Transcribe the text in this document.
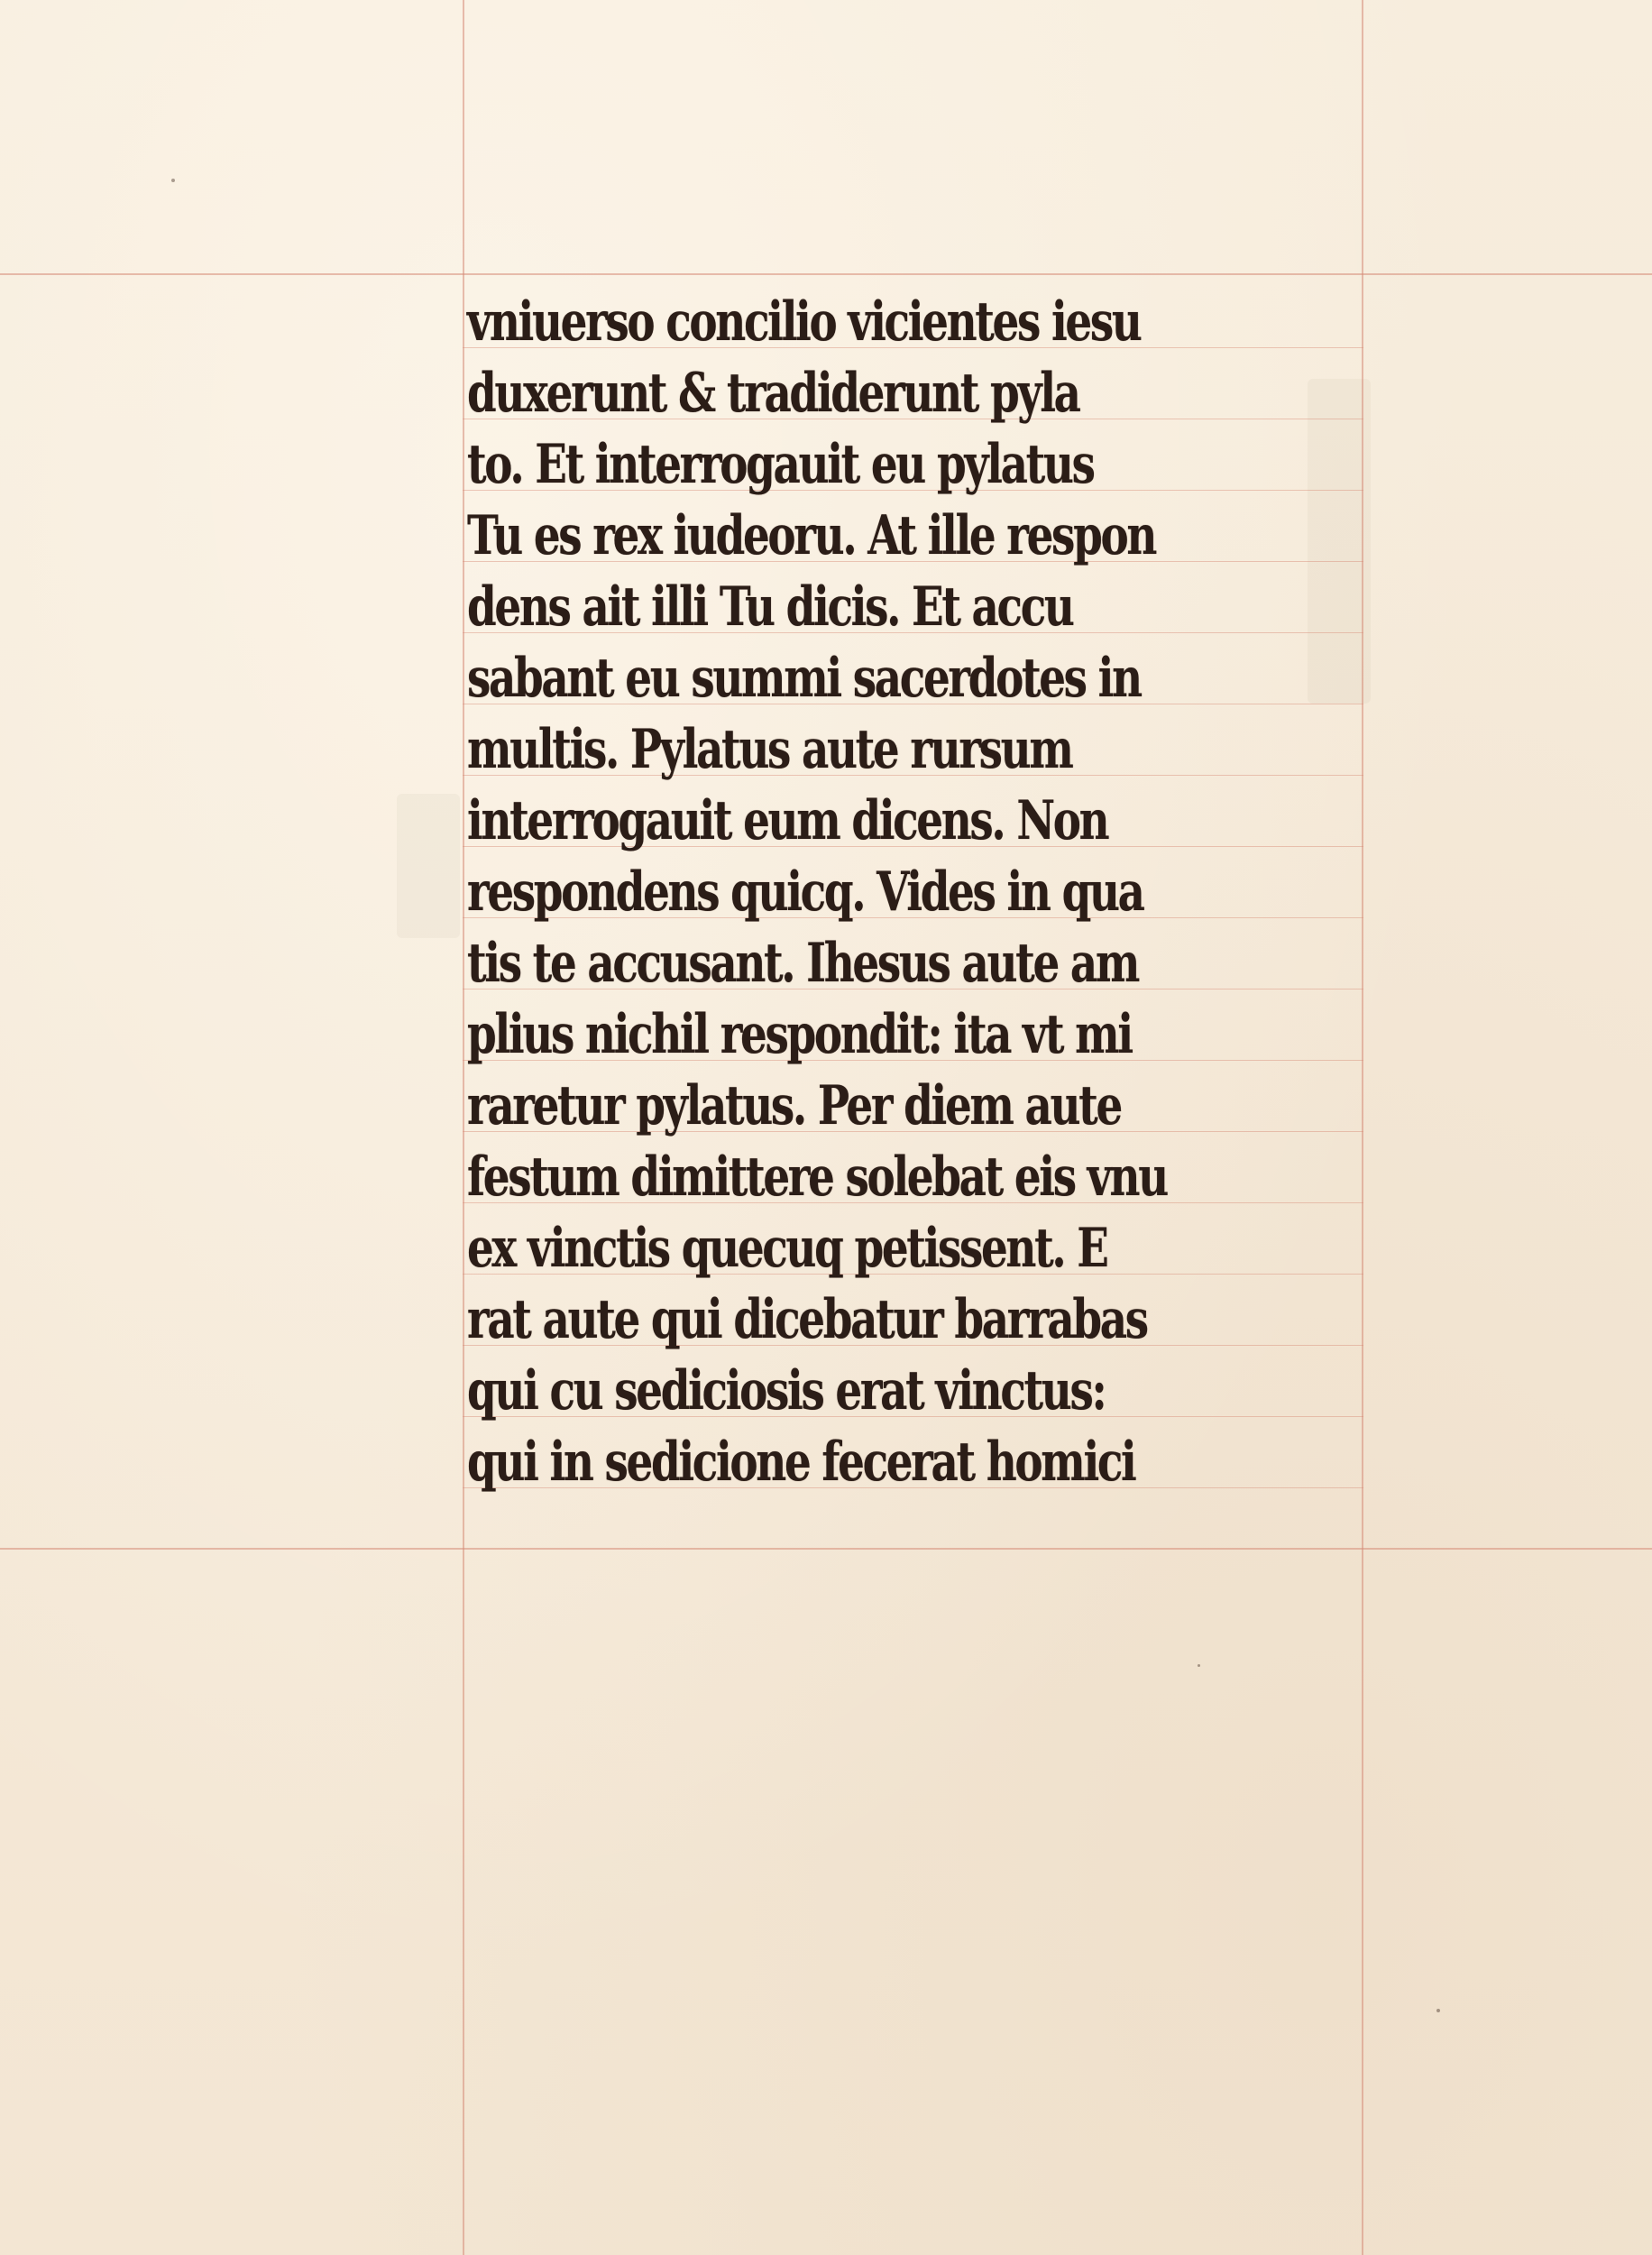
vniuerso concilio vicientes iesu
duxerunt & tradiderunt pyla
to. Et interrogauit eu pylatus
Tu es rex iudeoru. At ille respon
dens ait illi Tu dicis. Et accu
sabant eu summi sacerdotes in
multis. Pylatus aute rursum
interrogauit eum dicens. Non
respondens quicq. Vides in qua
tis te accusant. Ihesus aute am
plius nichil respondit: ita vt mi
raretur pylatus. Per diem aute
festum dimittere solebat eis vnu
ex vinctis quecuq petissent. E
rat aute qui dicebatur barrabas
qui cu sediciosis erat vinctus:
qui in sedicione fecerat homici
